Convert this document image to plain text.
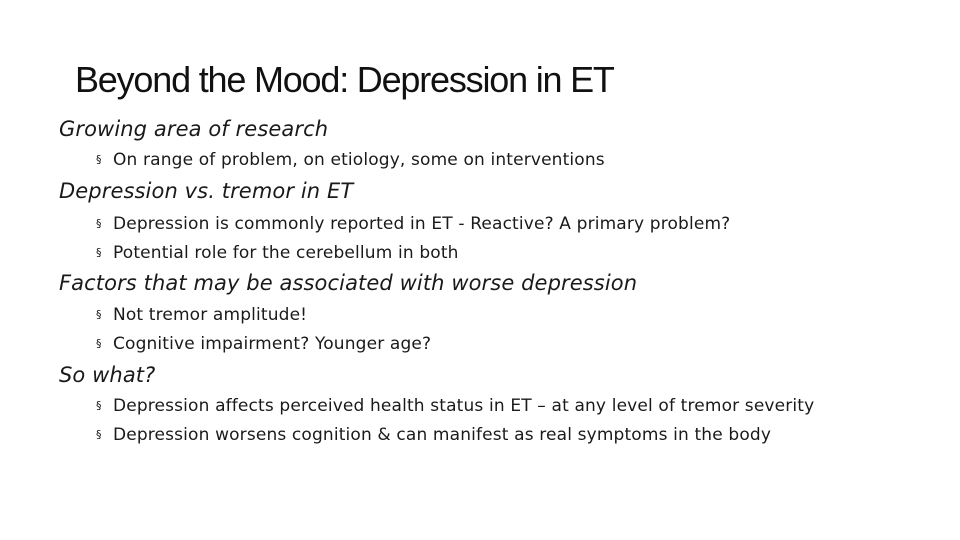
Beyond the Mood: Depression in ET

Growing area of research

§ On range of problem, on etiology, some on interventions

Depression vs. tremor in ET

§ Depression is commonly reported in ET - Reactive? A primary problem?

§ Potential role for the cerebellum in both

Factors that may be associated with worse depression

§ Not tremor amplitude!

§ Cognitive impairment? Younger age?

So what?

§ Depression affects perceived health status in ET – at any level of tremor severity

§ Depression worsens cognition & can manifest as real symptoms in the body
